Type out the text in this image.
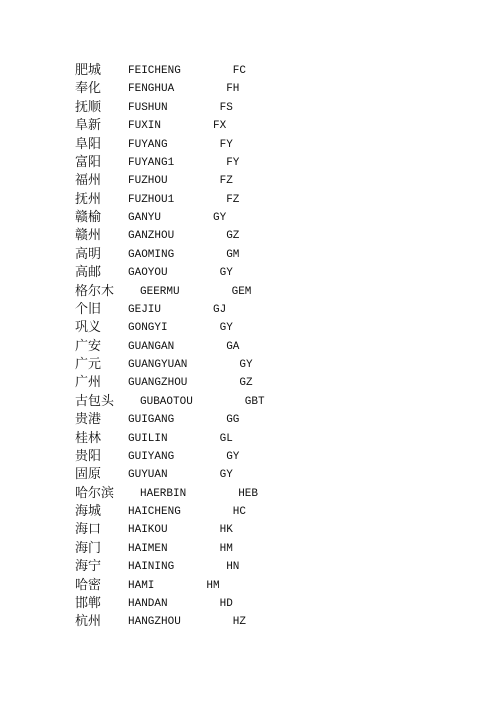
肥城 FEICHENG	FC
奉化 FENGHUA	FH
抚顺 FUSHUN	FS
阜新 FUXIN	FX
阜阳 FUYANG	FY
富阳 FUYANG1	FY
福州 FUZHOU	FZ
抚州 FUZHOU1	FZ
赣榆 GANYU	GY
赣州 GANZHOU	GZ
高明 GAOMING	GM
高邮 GAOYOU	GY
格尔木 GEERMU	GEM
个旧 GEJIU	GJ
巩义 GONGYI	GY
广安 GUANGAN	GA
广元 GUANGYUAN	GY
广州 GUANGZHOU	GZ
古包头 GUBAOTOU	GBT
贵港 GUIGANG	GG
桂林 GUILIN	GL
贵阳 GUIYANG	GY
固原 GUYUAN	GY
哈尔滨 HAERBIN	HEB
海城 HAICHENG	HC
海口 HAIKOU	HK
海门 HAIMEN	HM
海宁 HAINING	HN
哈密 HAMI	HM
邯郸 HANDAN	HD
杭州 HANGZHOU	HZ
